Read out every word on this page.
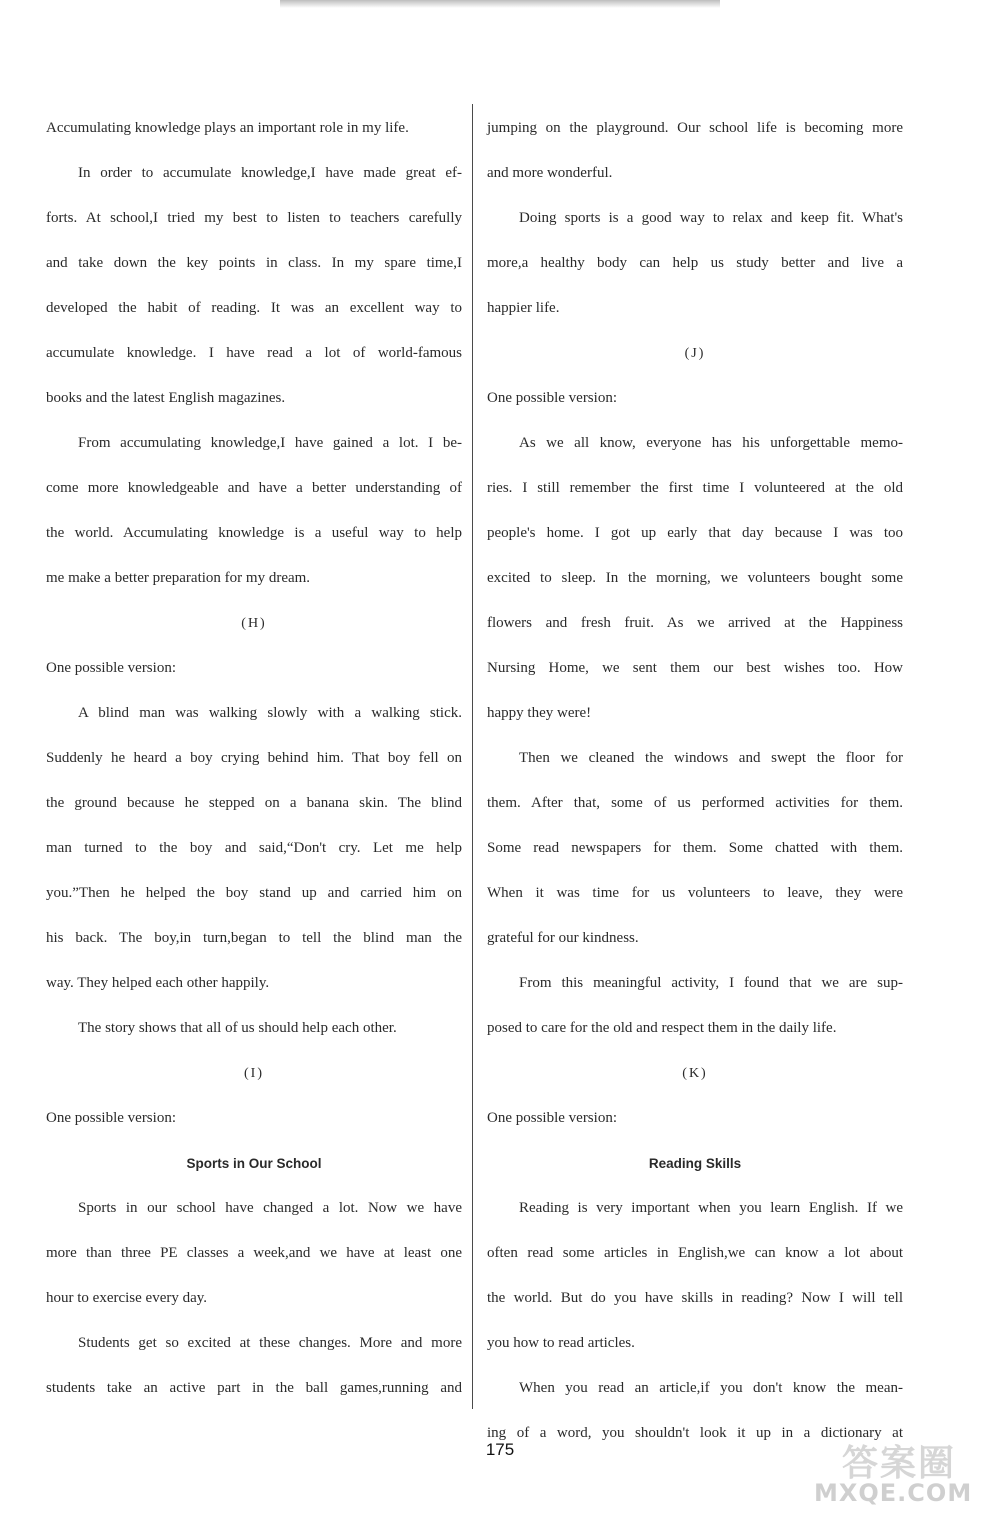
Accumulating knowledge plays an important role in my life.
In order to accumulate knowledge,I have made great ef-
forts. At school,I tried my best to listen to teachers carefully
and take down the key points in class. In my spare time,I
developed the habit of reading. It was an excellent way to
accumulate knowledge. I have read a lot of world-famous
books and the latest English magazines.
From accumulating knowledge,I have gained a lot. I be-
come more knowledgeable and have a better understanding of
the world. Accumulating knowledge is a useful way to help
me make a better preparation for my dream.
(H)
One possible version:
A blind man was walking slowly with a walking stick.
Suddenly he heard a boy crying behind him. That boy fell on
the ground because he stepped on a banana skin. The blind
man turned to the boy and said,“Don't cry. Let me help
you.”Then he helped the boy stand up and carried him on
his back. The boy,in turn,began to tell the blind man the
way. They helped each other happily.
The story shows that all of us should help each other.
(I)
One possible version:
Sports in Our School
Sports in our school have changed a lot. Now we have
more than three PE classes a week,and we have at least one
hour to exercise every day.
Students get so excited at these changes. More and more
students take an active part in the ball games,running and
jumping on the playground. Our school life is becoming more
and more wonderful.
Doing sports is a good way to relax and keep fit. What's
more,a healthy body can help us study better and live a
happier life.
(J)
One possible version:
As we all know, everyone has his unforgettable memo-
ries. I still remember the first time I volunteered at the old
people's home. I got up early that day because I was too
excited to sleep. In the morning, we volunteers bought some
flowers and fresh fruit. As we arrived at the Happiness
Nursing Home, we sent them our best wishes too. How
happy they were!
Then we cleaned the windows and swept the floor for
them. After that, some of us performed activities for them.
Some read newspapers for them. Some chatted with them.
When it was time for us volunteers to leave, they were
grateful for our kindness.
From this meaningful activity, I found that we are sup-
posed to care for the old and respect them in the daily life.
(K)
One possible version:
Reading Skills
Reading is very important when you learn English. If we
often read some articles in English,we can know a lot about
the world. But do you have skills in reading? Now I will tell
you how to read articles.
When you read an article,if you don't know the mean-
ing of a word, you shouldn't look it up in a dictionary at
175	答案圈
MXQE.COM
